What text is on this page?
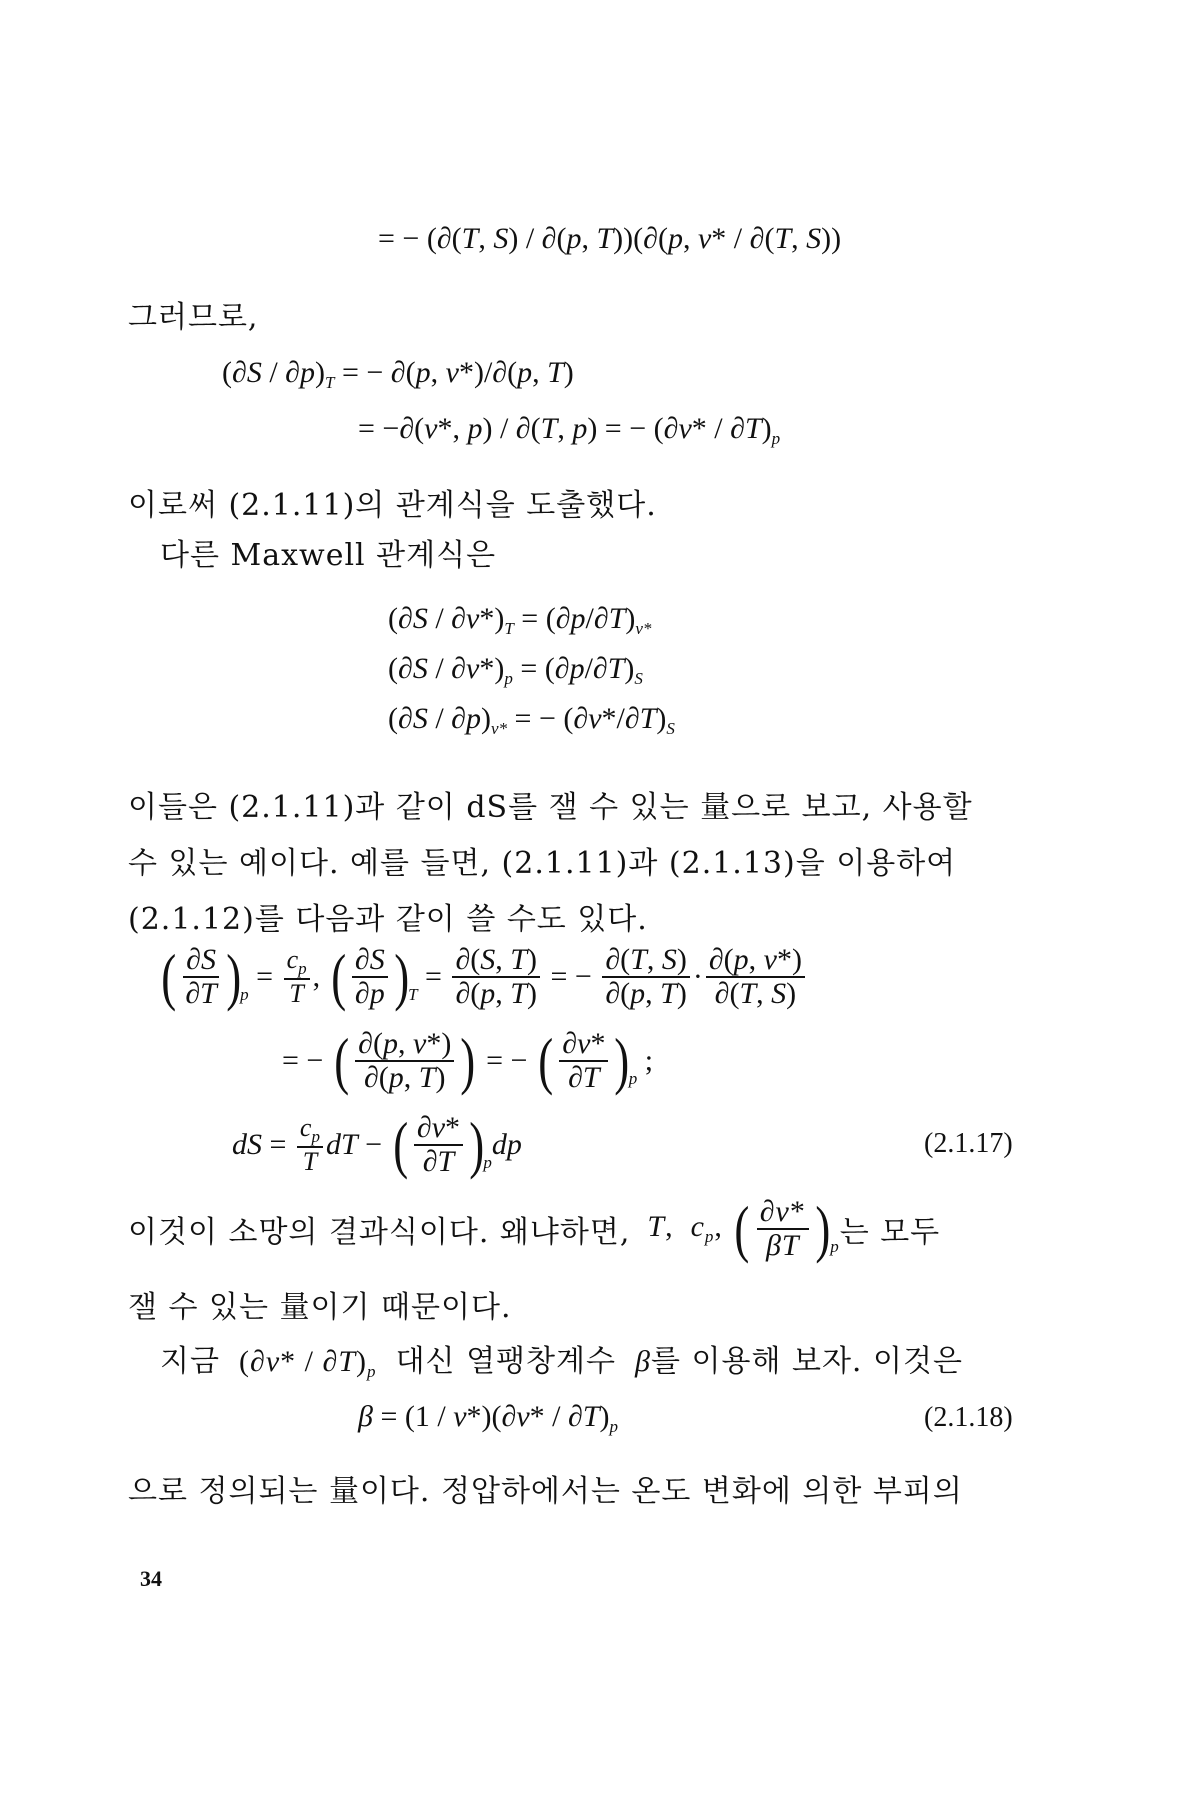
= − (∂(T, S) / ∂(p, T))(∂(p, v* / ∂(T, S))
그러므로,
$(\partial S / \partial p)_T$ = − ∂(p, v*)/∂(p, T)
= −∂(v*, p) / ∂(T, p) = − $(\partial v* / \partial T)_p$
이로써 (2.1.11)의 관계식을 도출했다.
다른 Maxwell 관계식은
$(\partial S / \partial v*)_T = (\partial p/\partial T)_{v*}$
$(\partial S / \partial v*)_p = (\partial p/\partial T)_S$
$(\partial S / \partial p)_{v*}$ = − $(\partial v*/\partial T)_S$
이들은 (2.1.11)과 같이 dS를 잴 수 있는 量으로 보고, 사용할
수 있는 예이다. 예를 들면, (2.1.11)과 (2.1.13)을 이용하여
(2.1.12)를 다음과 같이 쓸 수도 있다.
( $\frac{\partial S}{\partial T}$ ) p
= $\frac{c_p}{T}$ , ( $\frac{\partial S}{\partial p}$ ) T
= $\frac{\partial(S, T)}{\partial(p, T)}$ = − $\frac{\partial(T, S)}{\partial(p, T)} \cdot \frac{\partial(p, v*)}{\partial(T, S)}$
= − ( $\frac{\partial(p, v*)}{\partial(p, T)}$ ) = − ( $\frac{\partial v*}{\partial T}$ ) p
;
dS = $\frac{c_p}{T}$ dT − ( $\frac{\partial v*}{\partial T}$ ) p
dp	(2.1.17)
이것이 소망의 결과식이다. 왜냐하면, T,  $c_p$, ( $\frac{\partial v*}{\beta T}$ ) p 는 모두
잴 수 있는 量이기 때문이다.
지금  $(\partial v* / \partial T)_p$ 대신 열팽창계수 β를 이용해 보자. 이것은
$\beta = (1 / v*)(\partial v* / \partial T)_p$	(2.1.18)
으로 정의되는 量이다. 정압하에서는 온도 변화에 의한 부피의
34
